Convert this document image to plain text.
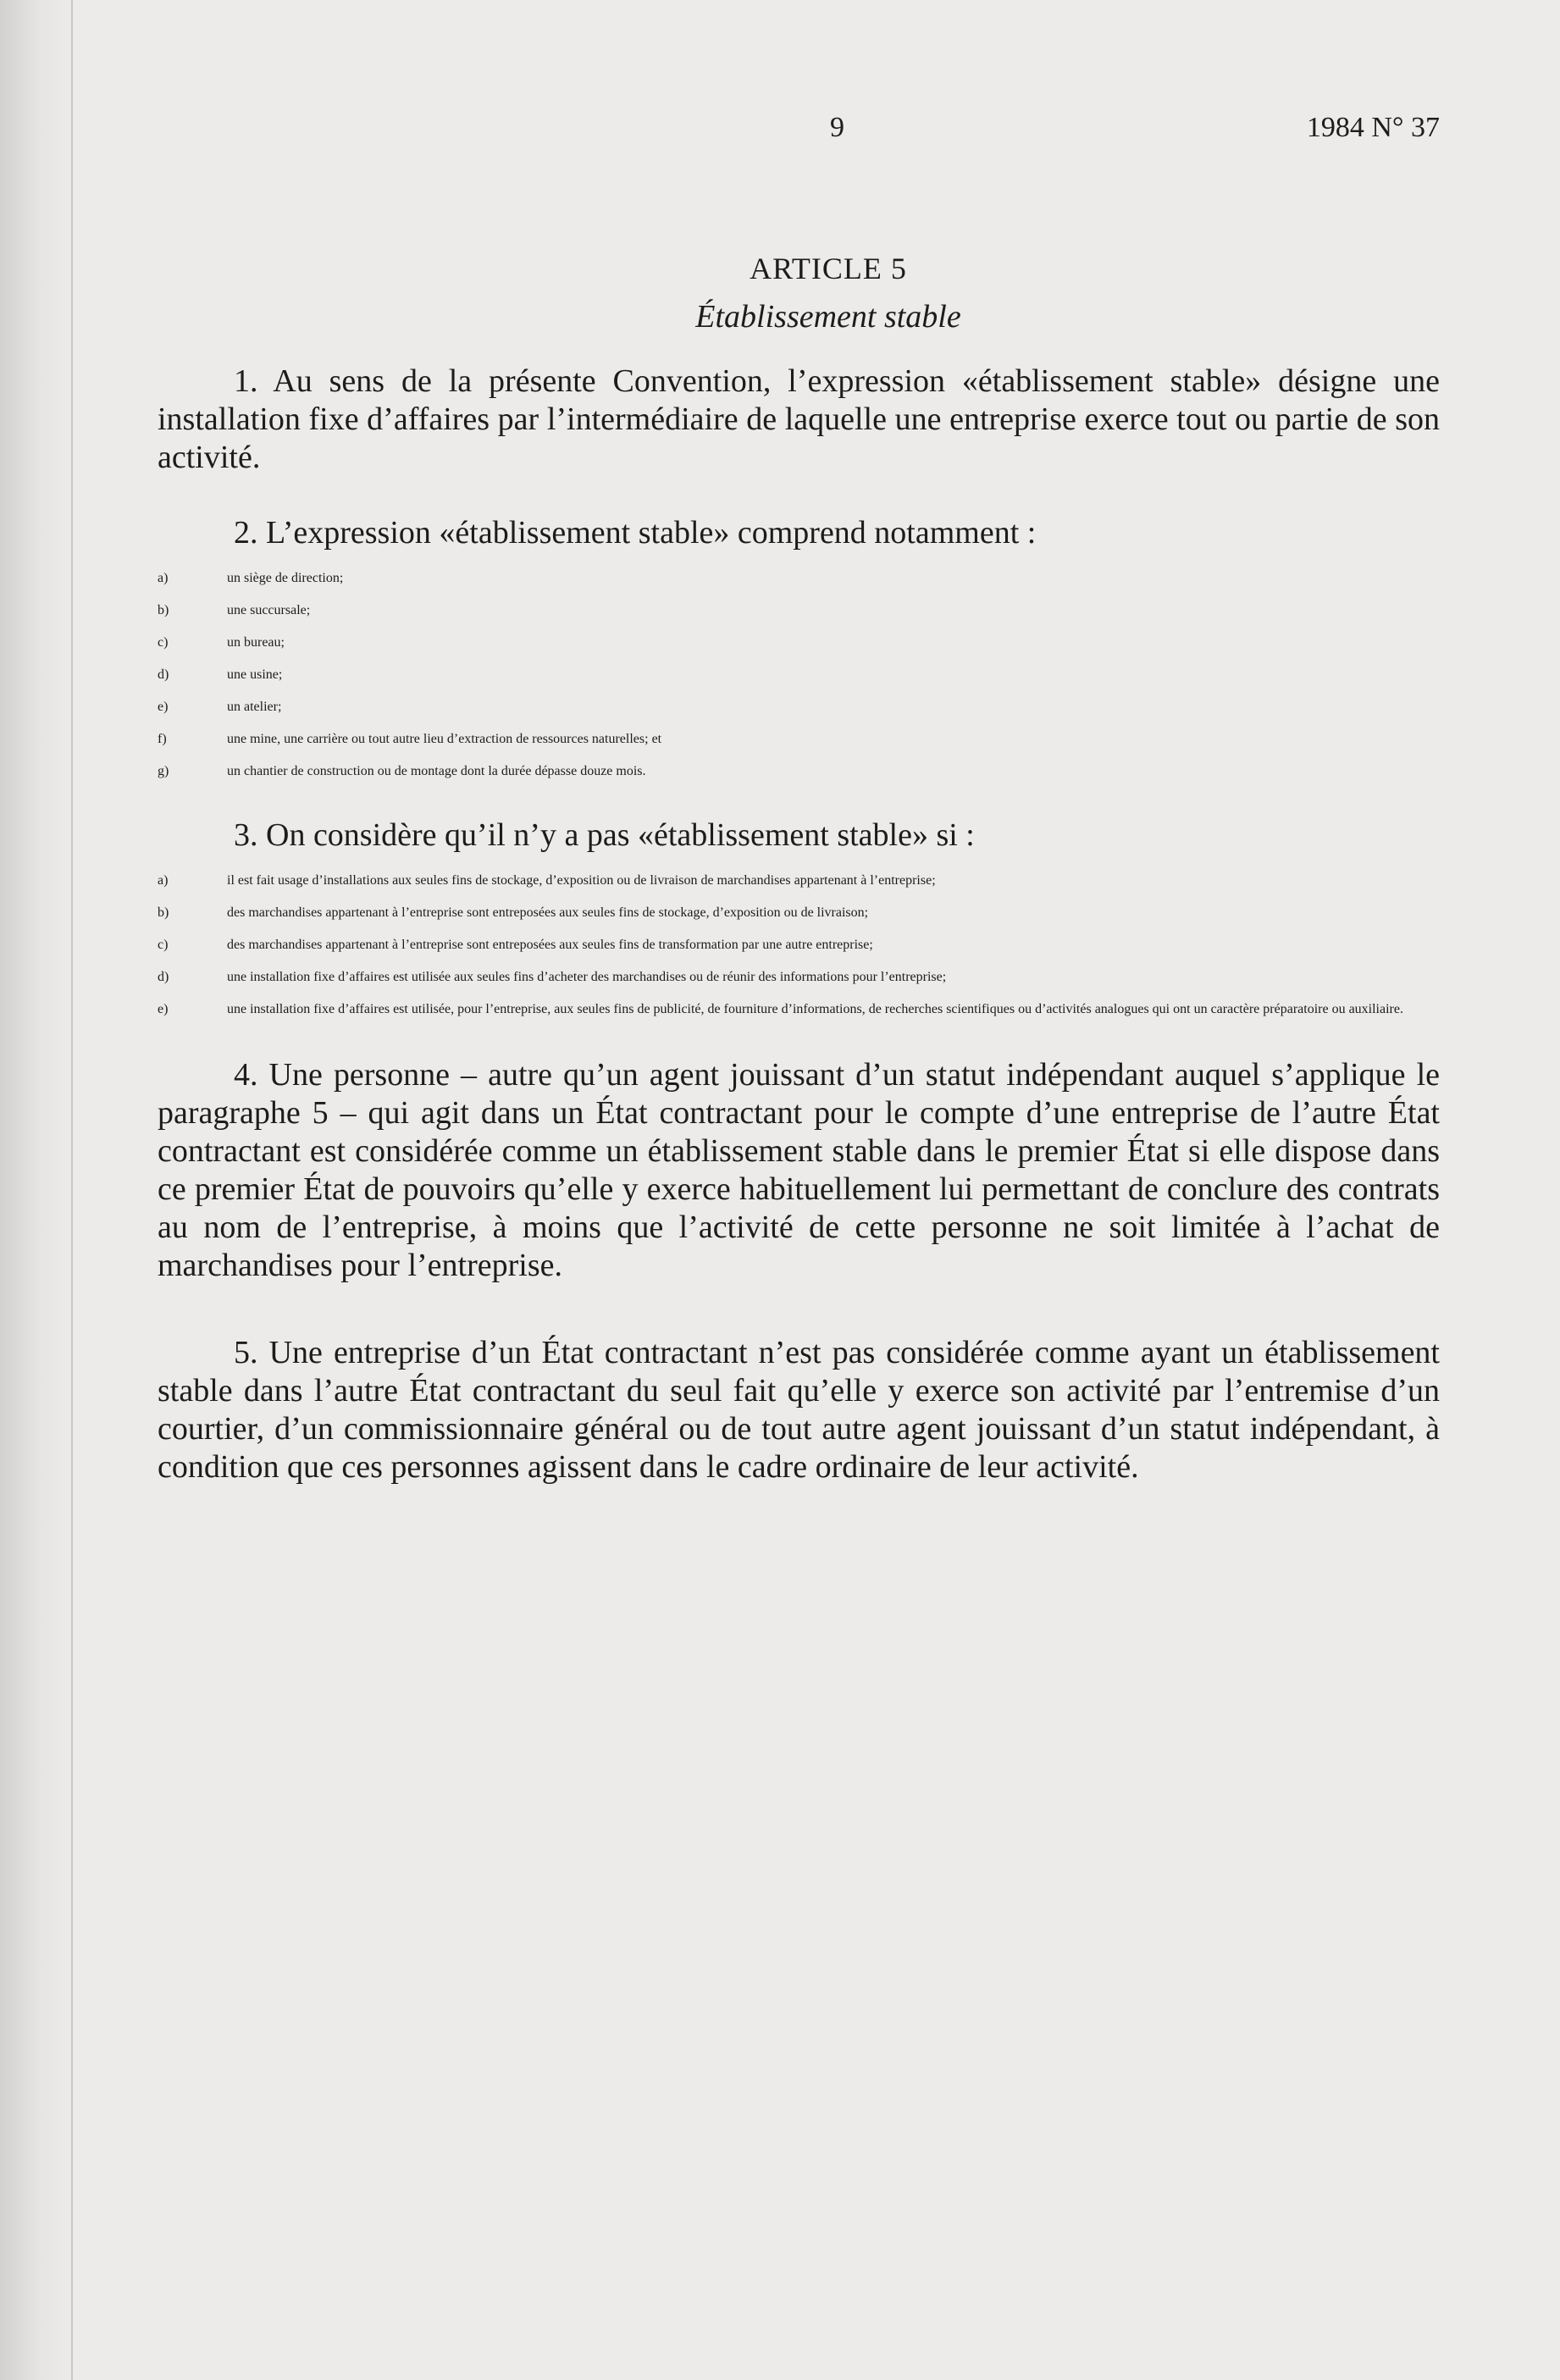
9	1984 N° 37
ARTICLE 5
Établissement stable

1. Au sens de la présente Convention, l’expression «établissement stable» désigne une installation fixe d’affaires par l’intermédiaire de laquelle une entreprise exerce tout ou partie de son activité.

2. L’expression «établissement stable» comprend notamment :

a)	un siège de direction;
b)	une succursale;
c)	un bureau;
d)	une usine;
e)	un atelier;
f)	une mine, une carrière ou tout autre lieu d’extraction de ressources naturelles; et
g)	un chantier de construction ou de montage dont la durée dépasse douze mois.

3. On considère qu’il n’y a pas «établissement stable» si :

a)	il est fait usage d’installations aux seules fins de stockage, d’exposition ou de livraison de marchandises appartenant à l’entreprise;
b)	des marchandises appartenant à l’entreprise sont entreposées aux seules fins de stockage, d’exposition ou de livraison;
c)	des marchandises appartenant à l’entreprise sont entreposées aux seules fins de transformation par une autre entreprise;
d)	une installation fixe d’affaires est utilisée aux seules fins d’acheter des marchandises ou de réunir des informations pour l’entreprise;
e)	une installation fixe d’affaires est utilisée, pour l’entreprise, aux seules fins de publicité, de fourniture d’informations, de recherches scientifiques ou d’activités analogues qui ont un caractère préparatoire ou auxiliaire.

4. Une personne – autre qu’un agent jouissant d’un statut indépendant auquel s’applique le paragraphe 5 – qui agit dans un État contractant pour le compte d’une entreprise de l’autre État contractant est considérée comme un établissement stable dans le premier État si elle dispose dans ce premier État de pouvoirs qu’elle y exerce habituellement lui permettant de conclure des contrats au nom de l’entreprise, à moins que l’activité de cette personne ne soit limitée à l’achat de marchandises pour l’entreprise.

5. Une entreprise d’un État contractant n’est pas considérée comme ayant un établissement stable dans l’autre État contractant du seul fait qu’elle y exerce son activité par l’entremise d’un courtier, d’un commissionnaire général ou de tout autre agent jouissant d’un statut indépendant, à condition que ces personnes agissent dans le cadre ordinaire de leur activité.
